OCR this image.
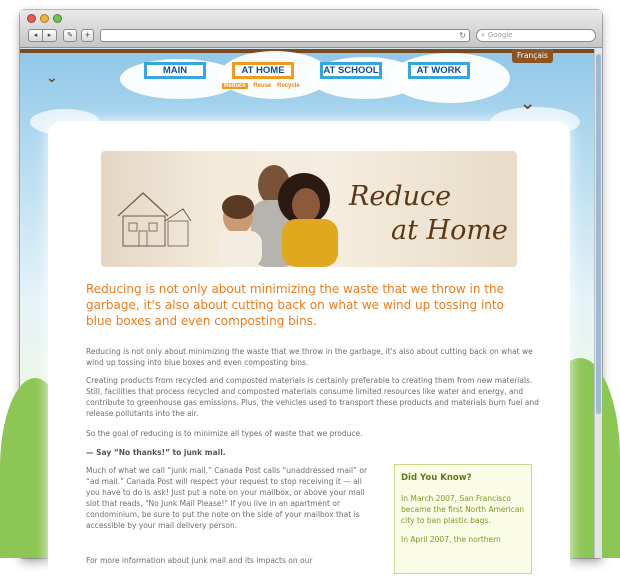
◂	▸	✎	+	↻	⌕ Google
Français
⌄
⌄
MAIN	AT HOME	AT SCHOOL	AT WORK
Reduce Reuse Recycle
Reduce
at Home
Reducing is not only about minimizing the waste that we throw in the garbage, it's also about cutting back on what we wind up tossing into blue boxes and even composting bins.

Reducing is not only about minimizing the waste that we throw in the garbage, it's also about cutting back on what we wind up tossing into blue boxes and even composting bins.

Creating products from recycled and composted materials is certainly preferable to creating them from new materials. Still, facilities that process recycled and composted materials consume limited resources like water and energy, and contribute to greenhouse gas emissions. Plus, the vehicles used to transport these products and materials burn fuel and release pollutants into the air.

So the goal of reducing is to minimize all types of waste that we produce.

— Say “No thanks!” to junk mail.

Much of what we call “junk mail,” Canada Post calls “unaddressed mail” or “ad mail.” Canada Post will respect your request to stop receiving it — all you have to do is ask! Just put a note on your mailbox, or above your mail slot that reads, "No Junk Mail Please!" If you live in an apartment or condominium, be sure to put the note on the side of your mailbox that is accessible by your mail delivery person.

For more information about junk mail and its impacts on our

Did You Know?
In March 2007, San Francisco became the first North American city to ban plastic bags.
In April 2007, the northern
